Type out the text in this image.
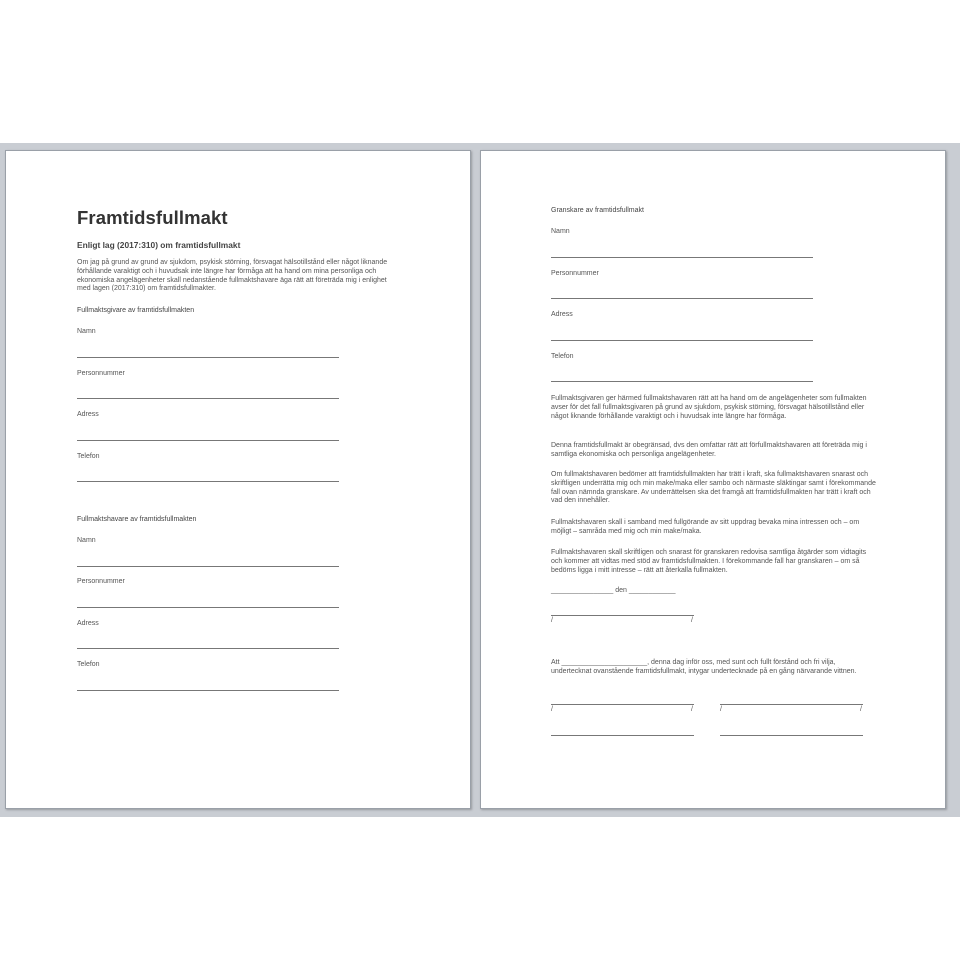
Framtidsfullmakt
Enligt lag (2017:310) om framtidsfullmakt
Om jag på grund av grund av sjukdom, psykisk störning, försvagat hälsotillstånd eller något liknande förhållande varaktigt och i huvudsak inte längre har förmåga att ha hand om mina personliga och ekonomiska angelägenheter skall nedanstående fullmaktshavare äga rätt att företräda mig i enlighet med lagen (2017:310) om framtidsfullmakter.
Fullmaktsgivare av framtidsfullmakten
Namn
Personnummer
Adress
Telefon
Fullmaktshavare av framtidsfullmakten
Namn
Personnummer
Adress
Telefon
Granskare av framtidsfullmakt
Namn
Personnummer
Adress
Telefon
Fullmaktsgivaren ger härmed fullmaktshavaren rätt att ha hand om de angelägenheter som fullmakten avser för det fall fullmaktsgivaren på grund av sjukdom, psykisk störning, försvagat hälsotillstånd eller något liknande förhållande varaktigt och i huvudsak inte längre har förmåga.
Denna framtidsfullmakt är obegränsad, dvs den omfattar rätt att förfullmaktshavaren att företräda mig i samtliga ekonomiska och personliga angelägenheter.
Om fullmaktshavaren bedömer att framtidsfullmakten har trätt i kraft, ska fullmaktshavaren snarast och skriftligen underrätta mig och min make/maka eller sambo och närmaste släktingar samt i förekommande fall ovan nämnda granskare. Av underrättelsen ska det framgå att framtidsfullmakten har trätt i kraft och vad den innehåller.
Fullmaktshavaren skall i samband med fullgörande av sitt uppdrag bevaka mina intressen och – om möjligt – samråda med mig och min make/maka.
Fullmaktshavaren skall skriftligen och snarast för granskaren redovisa samtliga åtgärder som vidtagits och kommer att vidtas med stöd av framtidsfullmakten. I förekommande fall har granskaren – om så bedöms ligga i mitt intresse – rätt att återkalla fullmakten.
________________ den ____________
/	/
Att ______________________, denna dag inför oss, med sunt och fullt förstånd och fri vilja, undertecknat ovanstående framtidsfullmakt, intygar undertecknade på en gång närvarande vittnen.
/	/	/	/
